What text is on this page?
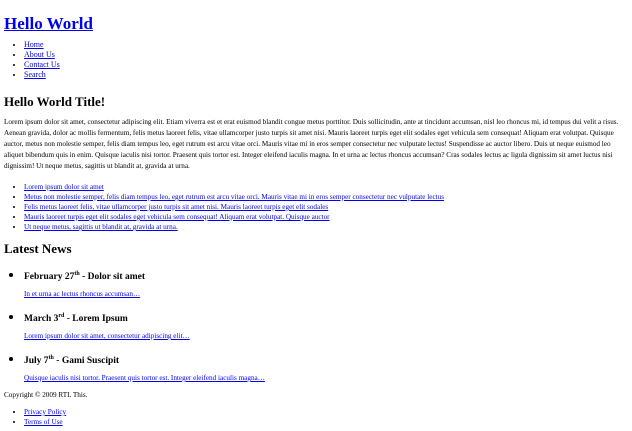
Hello World
• Home
• About Us
• Contact Us
• Search
Hello World Title!

Lorem ipsum dolor sit amet, consectetur adipiscing elit. Etiam viverra est et erat euismod blandit congue metus porttitor. Duis sollicitudin, ante at tincidunt accumsan, nisl leo rhoncus mi, id tempus dui velit a risus. Aenean gravida, dolor ac mollis fermentum, felis metus laoreet felis, vitae ullamcorper justo turpis sit amet nisi. Mauris laoreet turpis eget elit sodales eget vehicula sem consequat! Aliquam erat volutpat. Quisque auctor, metus non molestie semper, felis diam tempus leo, eget rutrum est arcu vitae orci. Mauris vitae mi in eros semper consectetur nec vulputate lectus! Suspendisse ac auctor libero. Duis ut neque euismod leo aliquet bibendum quis in enim. Quisque iaculis nisi tortor. Praesent quis tortor est. Integer eleifend iaculis magna. In et urna ac lectus rhoncus accumsan? Cras sodales lectus ac ligula dignissim sit amet luctus nisi dignissim! Ut neque metus, sagittis ut blandit at, gravida at urna.

• Lorem ipsum dolor sit amet
• Metus non molestie semper, felis diam tempus leo, eget rutrum est arcu vitae orci. Mauris vitae mi in eros semper consectetur nec vulputate lectus
• Felis metus laoreet felis, vitae ullamcorper justo turpis sit amet nisi. Mauris laoreet turpis eget elit sodales
• Mauris laoreet turpis eget elit sodales eget vehicula sem consequat! Aliquam erat volutpat. Quisque auctor
• Ut neque metus, sagittis ut blandit at, gravida at urna.
Latest News
• February 27th - Dolor sit amet

In et urna ac lectus rhoncus accumsan…

• March 3rd - Lorem Ipsum

Lorem ipsum dolor sit amet, consectetur adipiscing elit…

• July 7th - Gami Suscipit

Quisque iaculis nisi tortor. Praesent quis tortor est. Integer eleifend iaculis magna…

Copyright © 2009 RTL This.

• Privacy Policy
• Terms of Use
